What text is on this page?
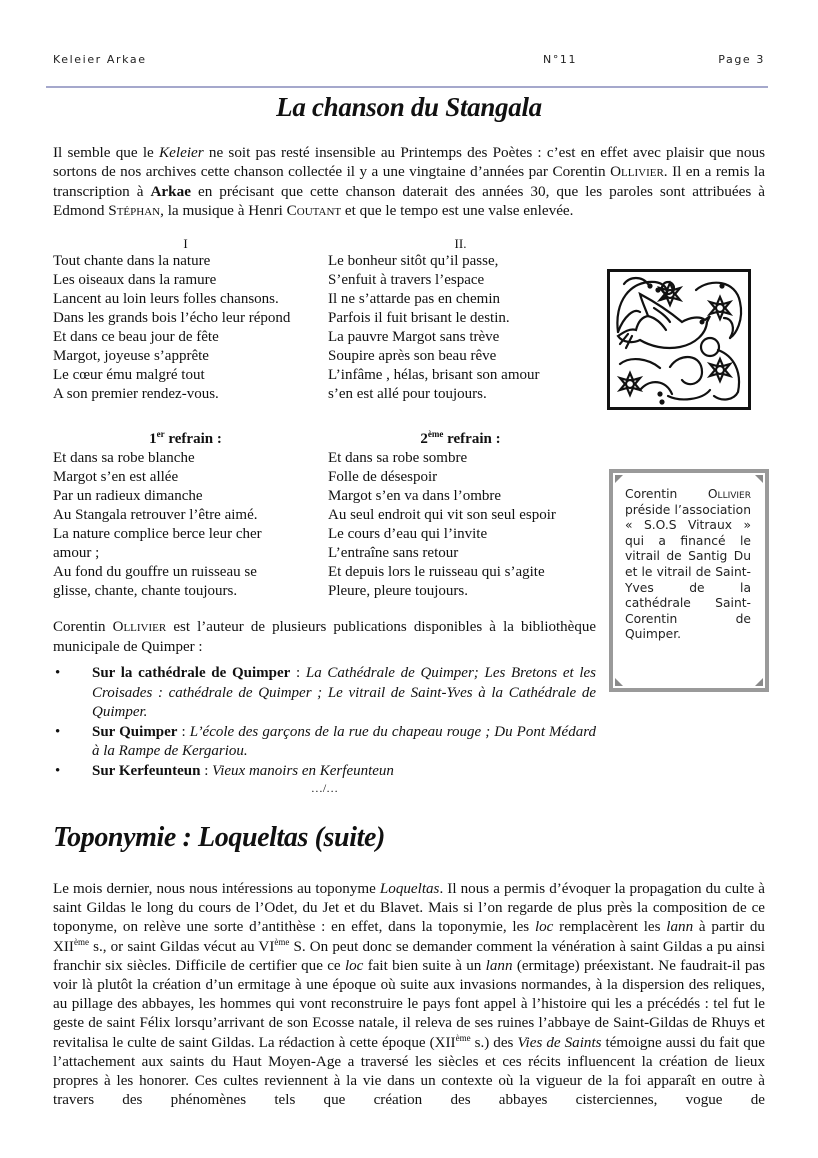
Keleier Arkae	N°11	Page 3
La chanson du Stangala
Il semble que le Keleier ne soit pas resté insensible au Printemps des Poètes : c’est en effet avec plaisir que nous sortons de nos archives cette chanson collectée il y a une vingtaine d’années par Corentin Ollivier. Il en a remis la transcription à Arkae en précisant que cette chanson daterait des années 30, que les paroles sont attribuées à Edmond Stéphan, la musique à Henri Coutant et que le tempo est une valse enlevée.
I
Tout chante dans la nature
Les oiseaux dans la ramure
Lancent au loin leurs folles chansons.
Dans les grands bois l’écho leur répond
Et dans ce beau jour de fête
Margot, joyeuse s’apprête
Le cœur ému malgré tout
A son premier rendez-vous.
II.
Le bonheur sitôt qu’il passe,
S’enfuit à travers l’espace
Il ne s’attarde pas en chemin
Parfois il fuit brisant le destin.
La pauvre Margot sans trève
Soupire après son beau rêve
L’infâme , hélas, brisant son amour
s’en est allé pour toujours.
1er refrain :
Et dans sa robe blanche
Margot s’en est allée
Par un radieux dimanche
Au Stangala retrouver l’être aimé.
La nature complice berce leur cher
amour ;
Au fond du gouffre un ruisseau se
glisse, chante, chante toujours.
2ème refrain :
Et dans sa robe sombre
Folle de désespoir
Margot s’en va dans l’ombre
Au seul endroit qui vit son seul espoir
Le cours d’eau qui l’invite
L’entraîne sans retour
Et depuis lors le ruisseau qui s’agite
Pleure, pleure toujours.
Corentin Ollivier préside l’association « S.O.S Vitraux » qui a financé le vitrail de Santig Du et le vitrail de Saint-Yves de la cathédrale Saint-Corentin de Quimper.
Corentin Ollivier est l’auteur de plusieurs publications disponibles à la bibliothèque municipale de Quimper :
• Sur la cathédrale de Quimper : La Cathédrale de Quimper; Les Bretons et les Croisades : cathédrale de Quimper ; Le vitrail de Saint-Yves à la Cathédrale de Quimper.
• Sur Quimper : L’école des garçons de la rue du chapeau rouge ; Du Pont Médard à la Rampe de Kergariou.
• Sur Kerfeunteun : Vieux manoirs en Kerfeunteun
…/…
Toponymie : Loqueltas (suite)
Le mois dernier, nous nous intéressions au toponyme Loqueltas. Il nous a permis d’évoquer la propagation du culte à saint Gildas le long du cours de l’Odet, du Jet et du Blavet. Mais si l’on regarde de plus près la composition de ce toponyme, on relève une sorte d’antithèse : en effet, dans la toponymie, les loc remplacèrent les lann à partir du XIIème s., or saint Gildas vécut au VIème S. On peut donc se demander comment la vénération à saint Gildas a pu ainsi franchir six siècles. Difficile de certifier que ce loc fait bien suite à un lann (ermitage) préexistant. Ne faudrait-il pas voir là plutôt la création d’un ermitage à une époque où suite aux invasions normandes, à la dispersion des reliques, au pillage des abbayes, les hommes qui vont reconstruire le pays font appel à l’histoire qui les a précédés : tel fut le geste de saint Félix lorsqu’arrivant de son Ecosse natale, il releva de ses ruines l’abbaye de Saint-Gildas de Rhuys et revitalisa le culte de saint Gildas. La rédaction à cette époque (XIIème s.) des Vies de Saints témoigne aussi du fait que l’attachement aux saints du Haut Moyen-Age a traversé les siècles et ces récits influencent la création de lieux propres à les honorer. Ces cultes reviennent à la vie dans un contexte où la vigueur de la foi apparaît en outre à travers des phénomènes tels que création des abbayes cisterciennes, vogue de
